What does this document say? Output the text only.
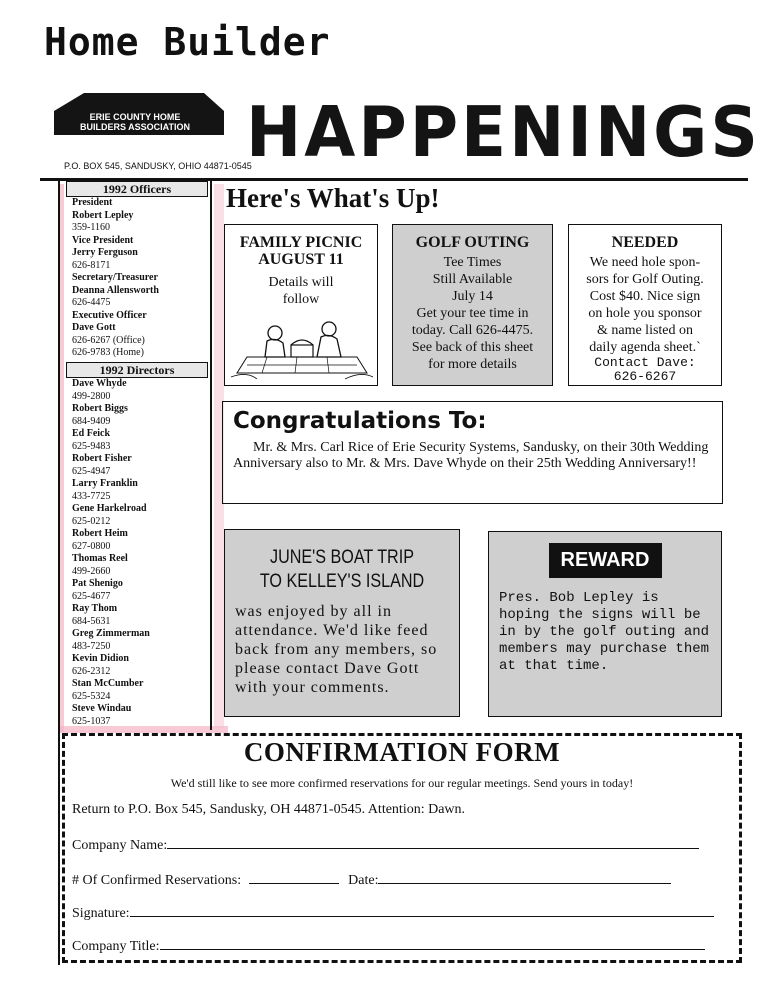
Home Builder
ERIE COUNTY HOME
BUILDERS ASSOCIATION HAPPENINGS
P.O. BOX 545, SANDUSKY, OHIO 44871-0545
1992 Officers
President
Robert Lepley
359-1160
Vice President
Jerry Ferguson
626-8171
Secretary/Treasurer
Deanna Allensworth
626-4475
Executive Officer
Dave Gott
626-6267 (Office)
626-9783 (Home)
1992 Directors
Dave Whyde
499-2800
Robert Biggs
684-9409
Ed Feick
625-9483
Robert Fisher
625-4947
Larry Franklin
433-7725
Gene Harkelroad
625-0212
Robert Heim
627-0800
Thomas Reel
499-2660
Pat Shenigo
625-4677
Ray Thom
684-5631
Greg Zimmerman
483-7250
Kevin Didion
626-2312
Stan McCumber
625-5324
Steve Windau
625-1037
Here's What's Up!
FAMILY PICNIC
AUGUST 11
Details will
follow
GOLF OUTING
Tee Times
Still Available
July 14
Get your tee time in
today. Call 626-4475.
See back of this sheet
for more details
NEEDED
We need hole spon-
sors for Golf Outing.
Cost $40. Nice sign
on hole you sponsor
& name listed on
daily agenda sheet.`
Contact Dave:
626-6267
Congratulations To:
Mr. & Mrs. Carl Rice of Erie Security Systems, Sandusky, on their 30th Wedding Anniversary also to Mr. & Mrs. Dave Whyde on their 25th Wedding Anniversary!!
JUNE'S BOAT TRIP
TO KELLEY'S ISLAND
was enjoyed by all in attendance. We'd like feed back from any members, so please contact Dave Gott with your comments.
REWARD
Pres. Bob Lepley is hoping the signs will be in by the golf outing and members may purchase them at that time.
CONFIRMATION FORM
We'd still like to see more confirmed reservations for our regular meetings. Send yours in today!
Return to P.O. Box 545, Sandusky, OH 44871-0545. Attention: Dawn.
Company Name:
# Of Confirmed Reservations:	Date:
Signature:
Company Title:
